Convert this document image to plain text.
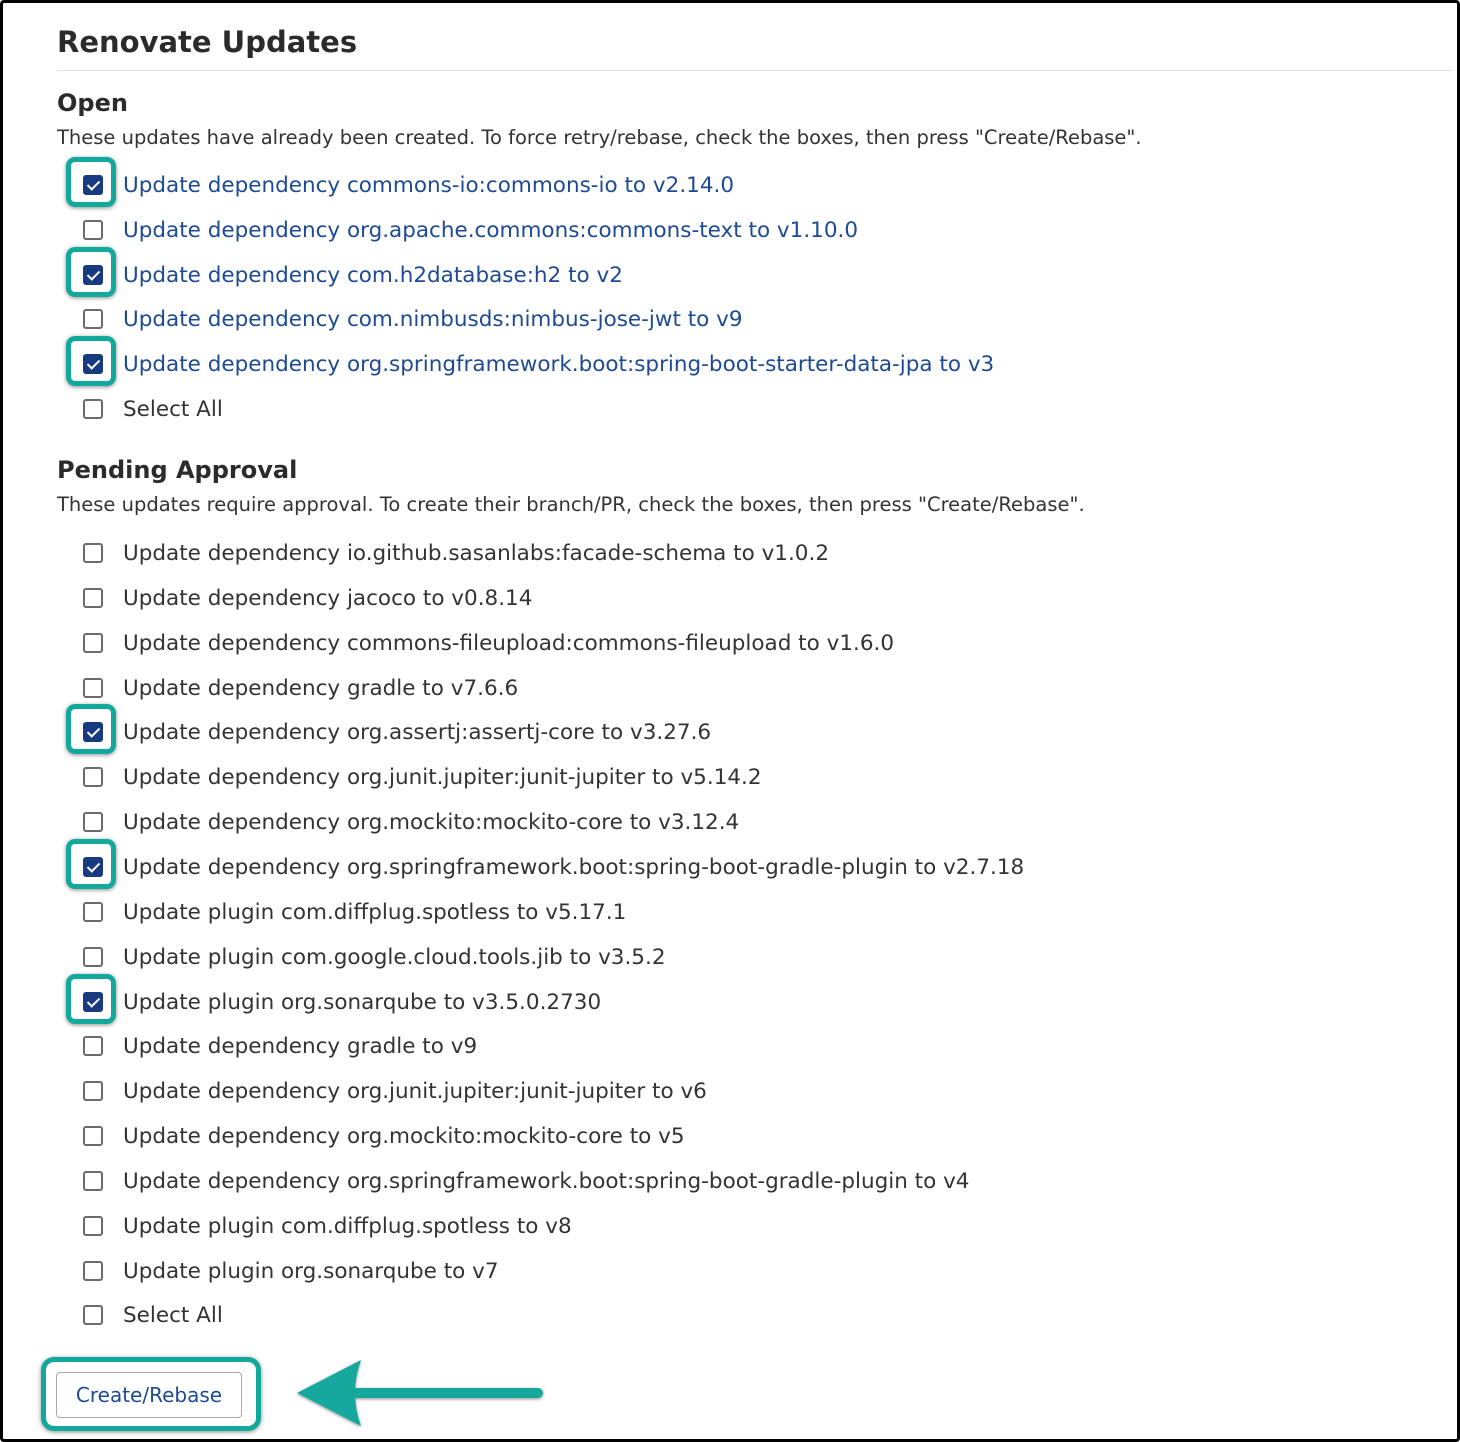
Renovate Updates
Open

These updates have already been created. To force retry/rebase, check the boxes, then press "Create/Rebase".

Update dependency commons-io:commons-io to v2.14.0
Update dependency org.apache.commons:commons-text to v1.10.0
Update dependency com.h2database:h2 to v2
Update dependency com.nimbusds:nimbus-jose-jwt to v9
Update dependency org.springframework.boot:spring-boot-starter-data-jpa to v3
Select All
Pending Approval

These updates require approval. To create their branch/PR, check the boxes, then press "Create/Rebase".

Update dependency io.github.sasanlabs:facade-schema to v1.0.2
Update dependency jacoco to v0.8.14
Update dependency commons-fileupload:commons-fileupload to v1.6.0
Update dependency gradle to v7.6.6
Update dependency org.assertj:assertj-core to v3.27.6
Update dependency org.junit.jupiter:junit-jupiter to v5.14.2
Update dependency org.mockito:mockito-core to v3.12.4
Update dependency org.springframework.boot:spring-boot-gradle-plugin to v2.7.18
Update plugin com.diffplug.spotless to v5.17.1
Update plugin com.google.cloud.tools.jib to v3.5.2
Update plugin org.sonarqube to v3.5.0.2730
Update dependency gradle to v9
Update dependency org.junit.jupiter:junit-jupiter to v6
Update dependency org.mockito:mockito-core to v5
Update dependency org.springframework.boot:spring-boot-gradle-plugin to v4
Update plugin com.diffplug.spotless to v8
Update plugin org.sonarqube to v7
Select All
Create/Rebase
